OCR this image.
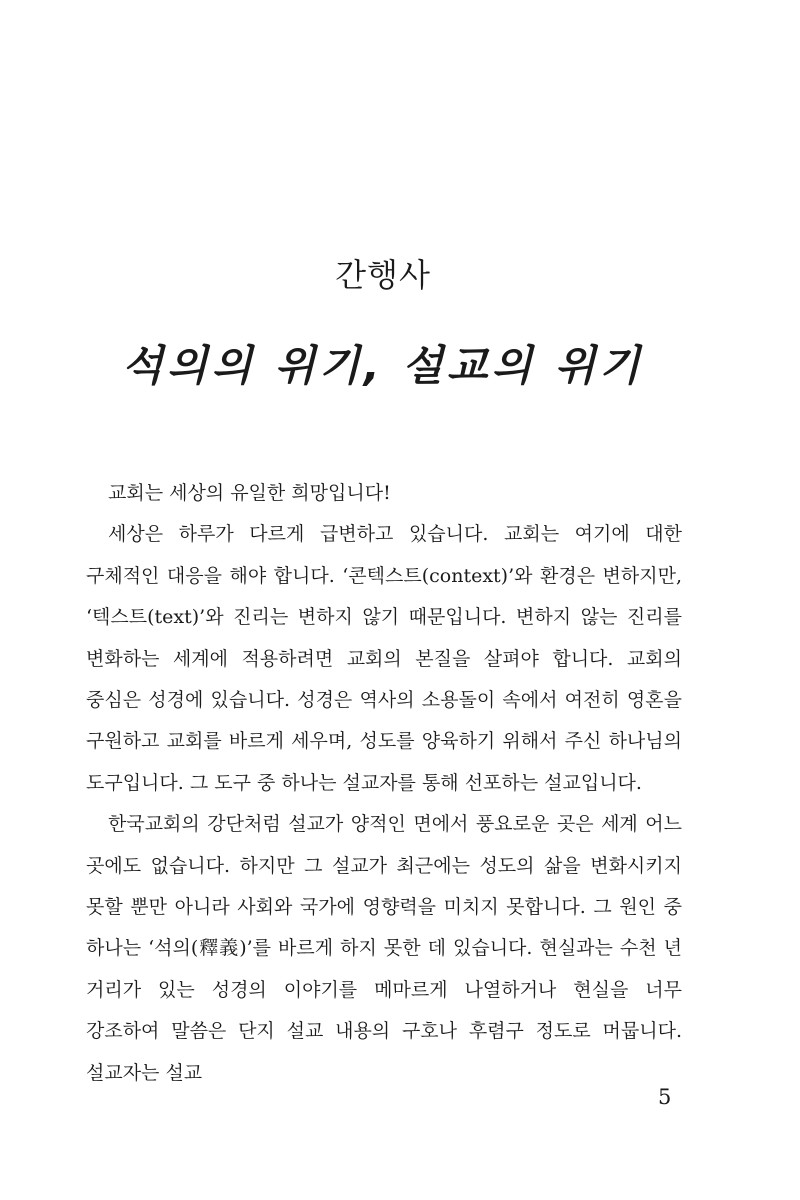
간행사
석의의 위기, 설교의 위기

교회는 세상의 유일한 희망입니다!

세상은 하루가 다르게 급변하고 있습니다. 교회는 여기에 대한 구체적인 대응을 해야 합니다. ‘콘텍스트(context)’와 환경은 변하지만, ‘텍스트(text)’와 진리는 변하지 않기 때문입니다. 변하지 않는 진리를 변화하는 세계에 적용하려면 교회의 본질을 살펴야 합니다. 교회의 중심은 성경에 있습니다. 성경은 역사의 소용돌이 속에서 여전히 영혼을 구원하고 교회를 바르게 세우며, 성도를 양육하기 위해서 주신 하나님의 도구입니다. 그 도구 중 하나는 설교자를 통해 선포하는 설교입니다.

한국교회의 강단처럼 설교가 양적인 면에서 풍요로운 곳은 세계 어느 곳에도 없습니다. 하지만 그 설교가 최근에는 성도의 삶을 변화시키지 못할 뿐만 아니라 사회와 국가에 영향력을 미치지 못합니다. 그 원인 중 하나는 ‘석의(釋義)’를 바르게 하지 못한 데 있습니다. 현실과는 수천 년 거리가 있는 성경의 이야기를 메마르게 나열하거나 현실을 너무 강조하여 말씀은 단지 설교 내용의 구호나 후렴구 정도로 머뭅니다. 설교자는 설교

5
